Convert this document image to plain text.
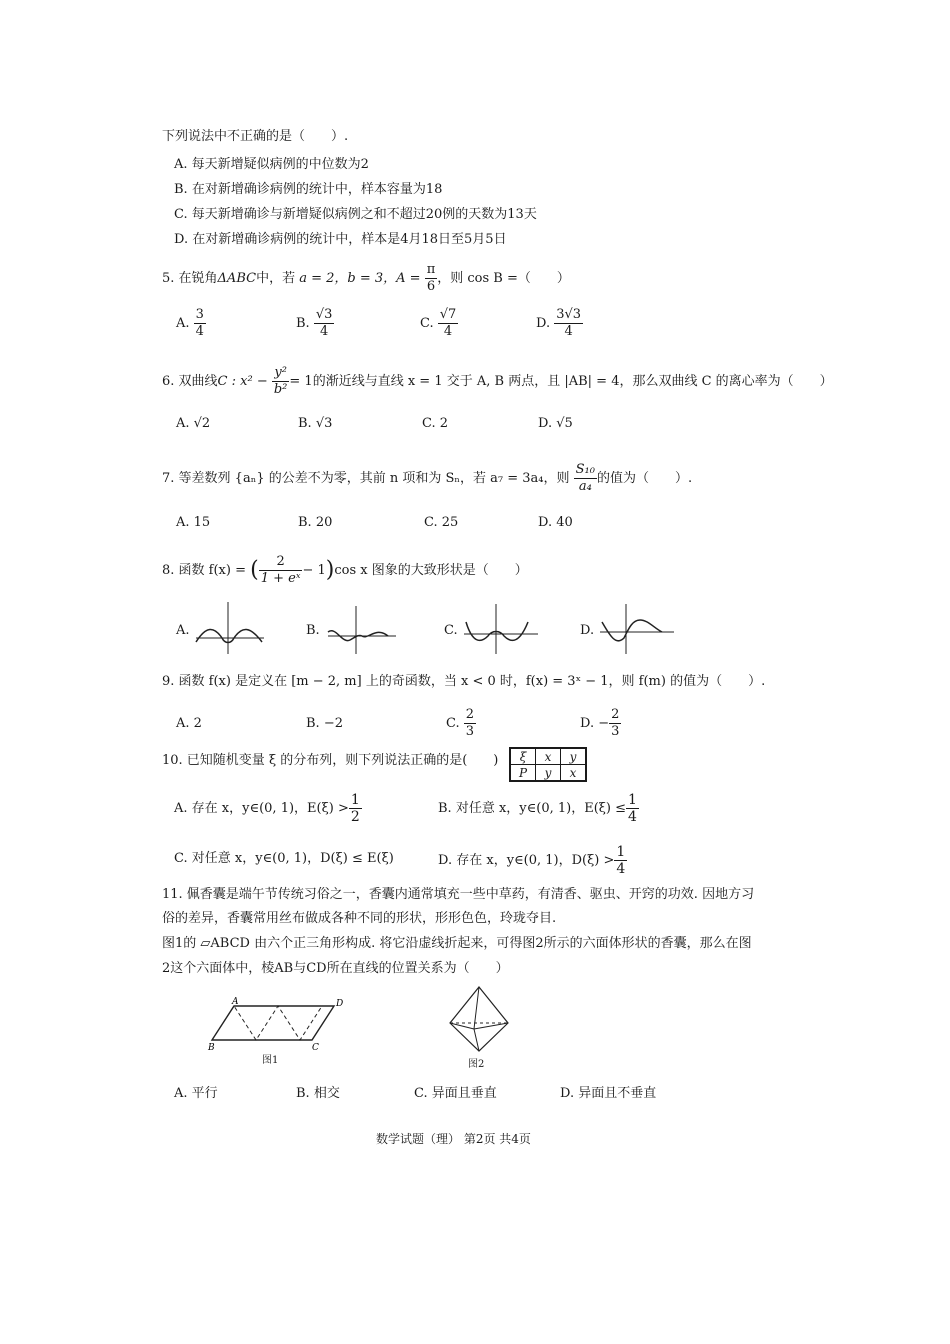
下列说法中不正确的是（　　）.
A. 每天新增疑似病例的中位数为2
B. 在对新增确诊病例的统计中，样本容量为18
C. 每天新增确诊与新增疑似病例之和不超过20例的天数为13天
D. 在对新增确诊病例的统计中，样本是4月18日至5月5日
5. 在锐角ΔABC中，若 a = 2，b = 3，$A = \frac{\pi}{6}$ ，则 cos B =（　　）
A. $\frac{3}{4}$	B. $\frac{√3}{4}$	C. $\frac{√7}{4}$	D. $\frac{3√3}{4}$
6. 双曲线C : $x^2 - \frac{\text{y²}}{\text{b²}} = 1$的渐近线与直线 x = 1 交于 A, B 两点，且 |AB| = 4，那么双曲线 C 的离心率为（　　）
A. √2	B. √3	C. 2	D. √5
7. 等差数列 {aₙ} 的公差不为零，其前 n 项和为 Sₙ，若 a₇ = 3a₄，则 $\frac{\text{S₁₀}}{\text{a₄}}$ 的值为（　　）.
A. 15	B. 20	C. 25	D. 40
8. 函数 f(x) = ( $\frac{2}{\text{1 + eˣ}} - 1)\cos$ x 图象的大致形状是（　　）
A.	B.	C.	D.
9. 函数 f(x) 是定义在 [m − 2, m] 上的奇函数，当 x < 0 时，f(x) = 3ˣ − 1，则 f(m) 的值为（　　）.
A. 2	B. −2	C. $\frac{2}{3}$	D. − $\frac{2}{3}$
10. 已知随机变量 ξ 的分布列，则下列说法正确的是(　　) ξ	x	y
P	y	x
A. 存在 x，y∈(0, 1)，$E(\xi) > \frac{1}{2}$	B. 对任意 x，y∈(0, 1)，$E(\xi) \le \frac{1}{4}$
C. 对任意 x，y∈(0, 1)，D(ξ) ≤ E(ξ)	D. 存在 x，y∈(0, 1)，$D(\xi) > \frac{1}{4}$
11. 佩香囊是端午节传统习俗之一，香囊内通常填充一些中草药，有清香、驱虫、开窍的功效. 因地方习
俗的差异，香囊常用丝布做成各种不同的形状，形形色色，玲珑夺目.
图1的 ▱ABCD 由六个正三角形构成. 将它沿虚线折起来，可得图2所示的六面体形状的香囊，那么在图
2这个六面体中，棱AB与CD所在直线的位置关系为（　　）
A	D
B	C
图1	图2
A. 平行	B. 相交	C. 异面且垂直	D. 异面且不垂直
数学试题（理） 第2页 共4页
